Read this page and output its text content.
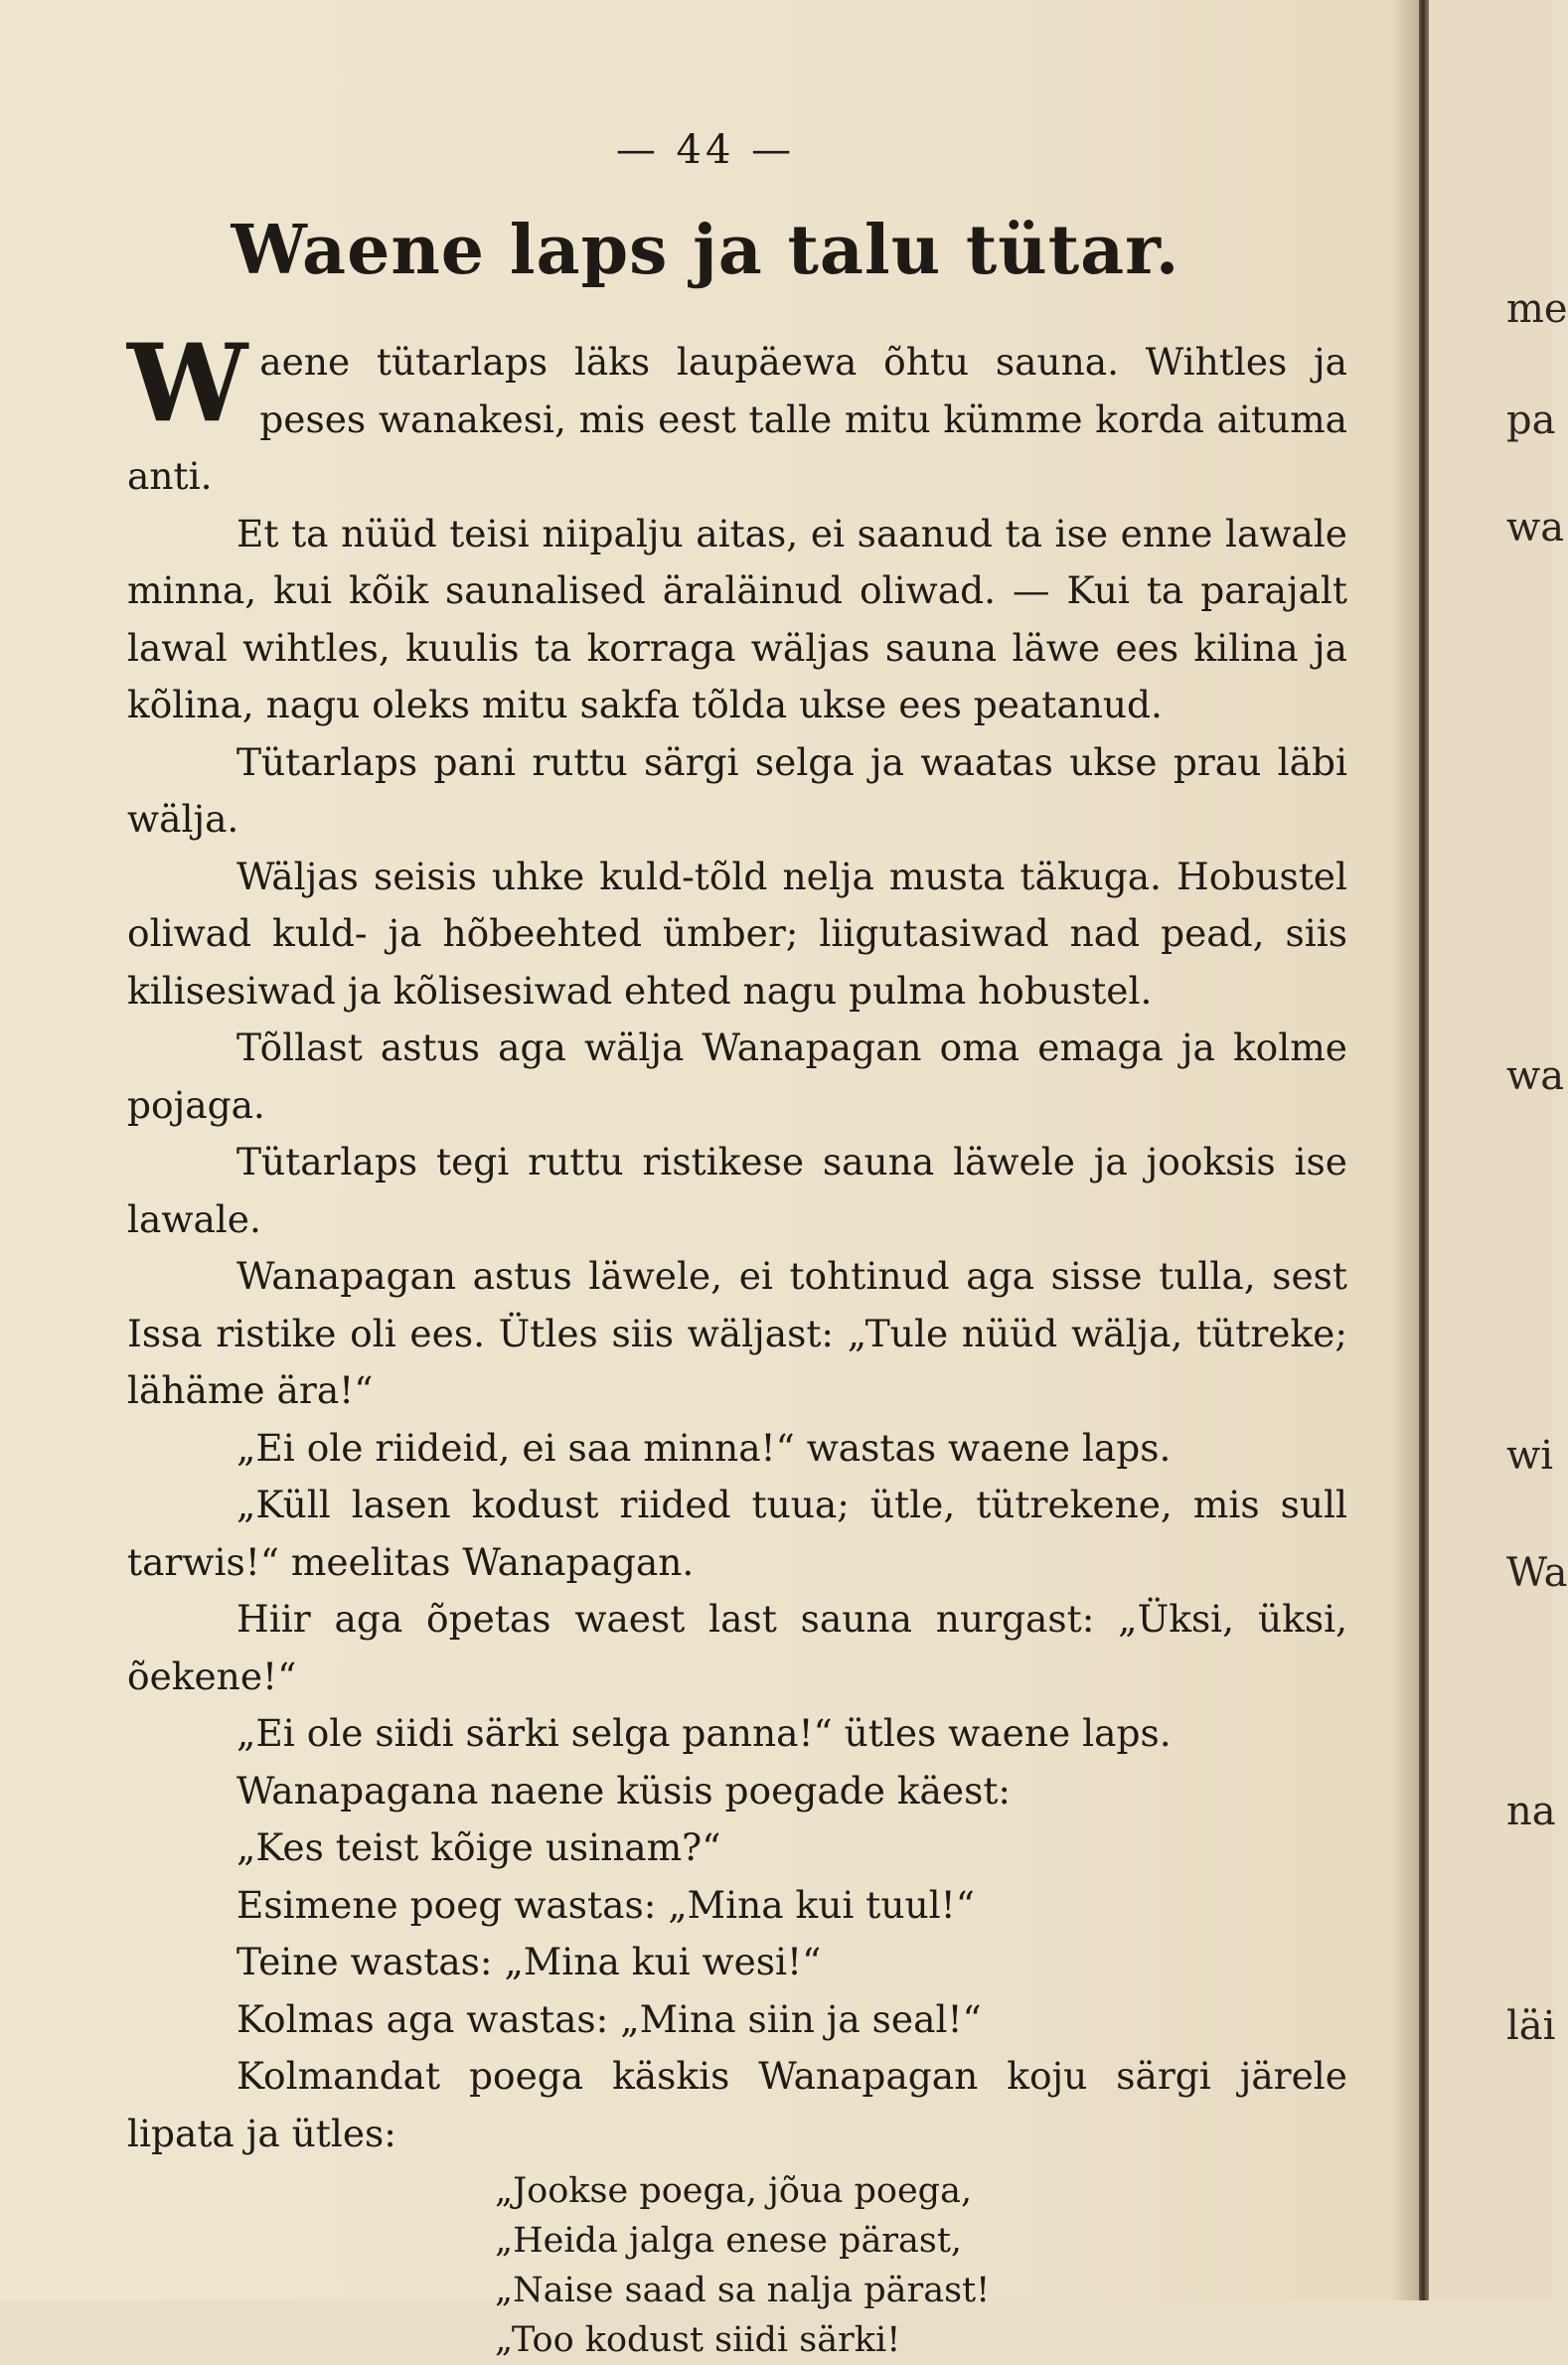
— 44 —
Waene laps ja talu tütar.

Waene tütarlaps läks laupäewa õhtu sauna. Wihtles ja peses wanakesi, mis eest talle mitu kümme korda aituma anti.

Et ta nüüd teisi niipalju aitas, ei saanud ta ise enne lawale minna, kui kõik saunalised äraläinud oliwad. — Kui ta parajalt lawal wihtles, kuulis ta korraga wäljas sauna läwe ees kilina ja kõlina, nagu oleks mitu sakfa tõlda ukse ees peatanud.

Tütarlaps pani ruttu särgi selga ja waatas ukse prau läbi wälja.

Wäljas seisis uhke kuld-tõld nelja musta täkuga. Hobustel oliwad kuld- ja hõbeehted ümber; liigutasiwad nad pead, siis kilisesiwad ja kõlisesiwad ehted nagu pulma hobustel.

Tõllast astus aga wälja Wanapagan oma emaga ja kolme pojaga.

Tütarlaps tegi ruttu ristikese sauna läwele ja jooksis ise lawale.

Wanapagan astus läwele, ei tohtinud aga sisse tulla, sest Issa ristike oli ees. Ütles siis wäljast: „Tule nüüd wälja, tütreke; lähäme ära!“

„Ei ole riideid, ei saa minna!“ wastas waene laps.

„Küll lasen kodust riided tuua; ütle, tütrekene, mis sull tarwis!“ meelitas Wanapagan.

Hiir aga õpetas waest last sauna nurgast: „Üksi, üksi, õekene!“

„Ei ole siidi särki selga panna!“ ütles waene laps.

Wanapagana naene küsis poegade käest:

„Kes teist kõige usinam?“

Esimene poeg wastas: „Mina kui tuul!“

Teine wastas: „Mina kui wesi!“

Kolmas aga wastas: „Mina siin ja seal!“

Kolmandat poega käskis Wanapagan koju särgi järele lipata ja ütles:

„Jookse poega, jõua poega,
„Heida jalga enese pärast,
„Naise saad sa nalja pärast!
„Too kodust siidi särki!
me
pa
wa
wa
wi
Wa
na
läi
